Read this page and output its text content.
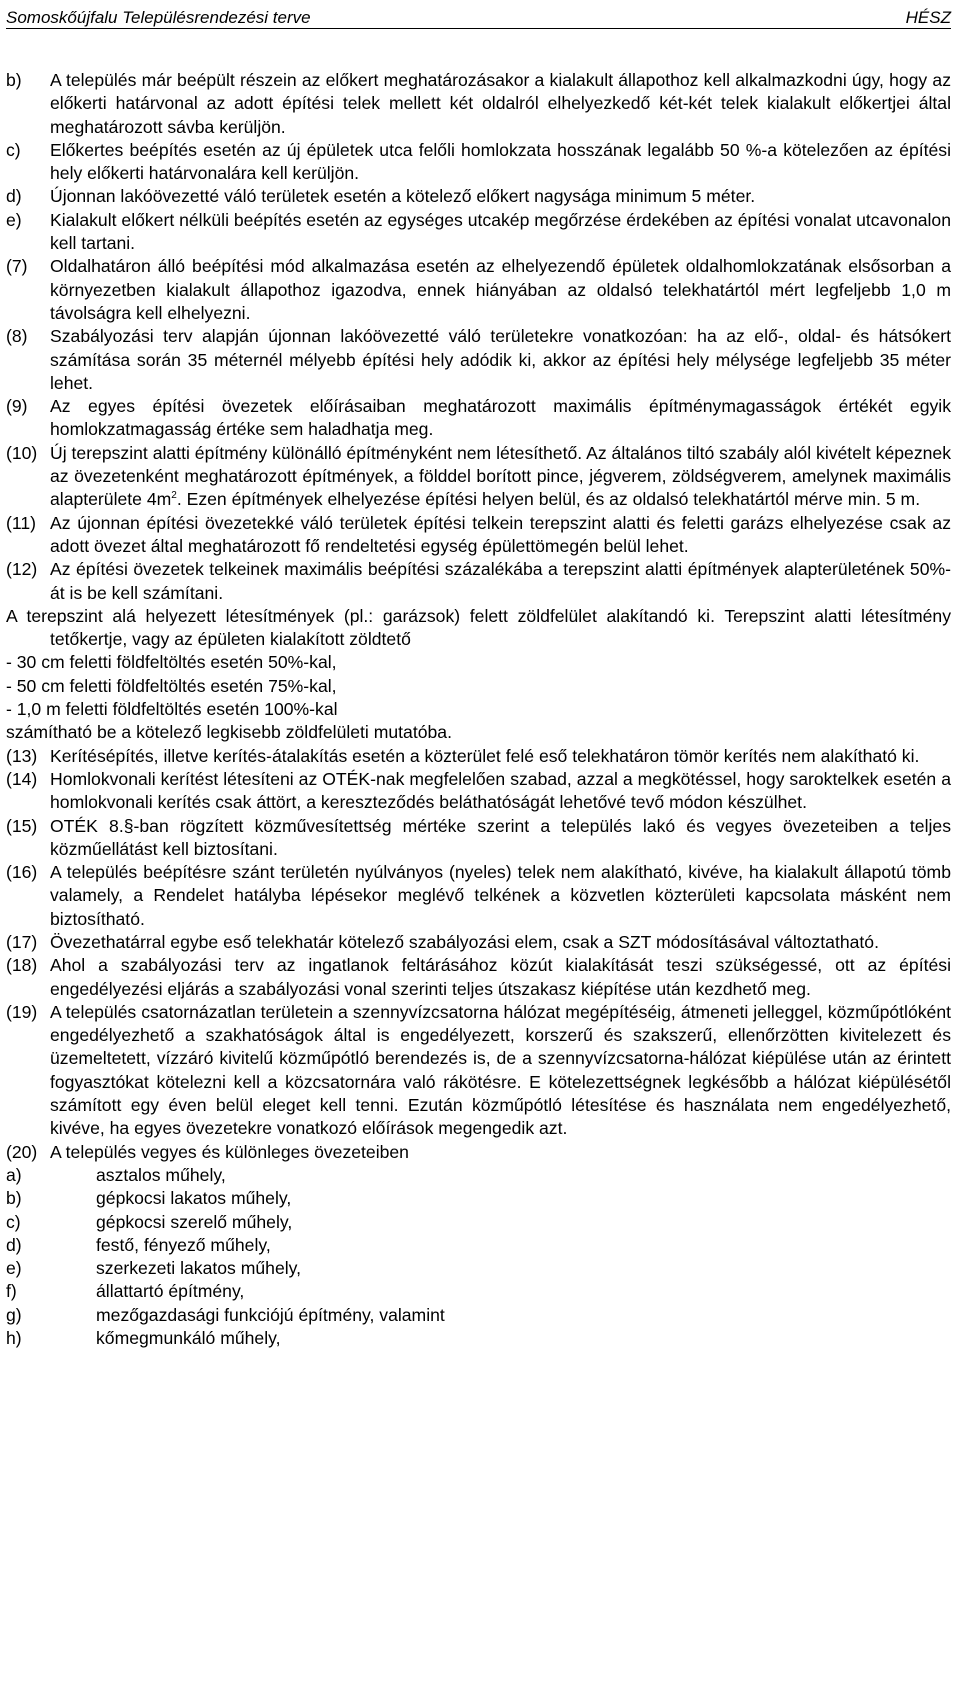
Somoskőújfalu Településrendezési terve	HÉSZ
b)	A település már beépült részein az előkert meghatározásakor a kialakult állapothoz kell alkalmazkodni úgy, hogy az előkerti határvonal az adott építési telek mellett két oldalról elhelyezkedő két-két telek kialakult előkertjei által meghatározott sávba kerüljön.
c)	Előkertes beépítés esetén az új épületek utca felőli homlokzata hosszának legalább 50 %-a kötelezően az építési hely előkerti határvonalára kell kerüljön.
d)	Újonnan lakóövezetté váló területek esetén a kötelező előkert nagysága minimum 5 méter.
e)	Kialakult előkert nélküli beépítés esetén az egységes utcakép megőrzése érdekében az építési vonalat utcavonalon kell tartani.
(7)	Oldalhatáron álló beépítési mód alkalmazása esetén az elhelyezendő épületek oldalhomlokzatának elsősorban a környezetben kialakult állapothoz igazodva, ennek hiányában az oldalsó telekhatártól mért legfeljebb 1,0 m távolságra kell elhelyezni.
(8)	Szabályozási terv alapján újonnan lakóövezetté váló területekre vonatkozóan: ha az elő-, oldal- és hátsókert számítása során 35 méternél mélyebb építési hely adódik ki, akkor az építési hely mélysége legfeljebb 35 méter lehet.
(9)	Az egyes építési övezetek előírásaiban meghatározott maximális építménymagasságok értékét egyik homlokzatmagasság értéke sem haladhatja meg.
(10) Új terepszint alatti építmény különálló építményként nem létesíthető. Az általános tiltó szabály alól kivételt képeznek az övezetenként meghatározott építmények, a földdel borított pince, jégverem, zöldségverem, amelynek maximális alapterülete $4m^2$. Ezen építmények elhelyezése építési helyen belül, és az oldalsó telekhatártól mérve min. 5 m.
(11) Az újonnan építési övezetekké váló területek építési telkein terepszint alatti és feletti garázs elhelyezése csak az adott övezet által meghatározott fő rendeltetési egység épülettömegén belül lehet.
(12) Az építési övezetek telkeinek maximális beépítési százalékába a terepszint alatti építmények alapterületének 50%-át is be kell számítani.

A terepszint alá helyezett létesítmények (pl.: garázsok) felett zöldfelület alakítandó ki. Terepszint alatti létesítmény tetőkertje, vagy az épületen kialakított zöldtető

- 30 cm feletti földfeltöltés esetén 50%-kal,

- 50 cm feletti földfeltöltés esetén 75%-kal,

- 1,0 m feletti földfeltöltés esetén 100%-kal

számítható be a kötelező legkisebb zöldfelületi mutatóba.

(13) Kerítésépítés, illetve kerítés-átalakítás esetén a közterület felé eső telekhatáron tömör kerítés nem alakítható ki.
(14) Homlokvonali kerítést létesíteni az OTÉK-nak megfelelően szabad, azzal a megkötéssel, hogy saroktelkek esetén a homlokvonali kerítés csak áttört, a kereszteződés beláthatóságát lehetővé tevő módon készülhet.
(15) OTÉK 8.§-ban rögzített közművesítettség mértéke szerint a település lakó és vegyes övezeteiben a teljes közműellátást kell biztosítani.
(16) A település beépítésre szánt területén nyúlványos (nyeles) telek nem alakítható, kivéve, ha kialakult állapotú tömb valamely, a Rendelet hatályba lépésekor meglévő telkének a közvetlen közterületi kapcsolata másként nem biztosítható.
(17) Övezethatárral egybe eső telekhatár kötelező szabályozási elem, csak a SZT módosításával változtatható.
(18) Ahol a szabályozási terv az ingatlanok feltárásához közút kialakítását teszi szükségessé, ott az építési engedélyezési eljárás a szabályozási vonal szerinti teljes útszakasz kiépítése után kezdhető meg.
(19) A település csatornázatlan területein a szennyvízcsatorna hálózat megépítéséig, átmeneti jelleggel, közműpótlóként engedélyezhető a szakhatóságok által is engedélyezett, korszerű és szakszerű, ellenőrzötten kivitelezett és üzemeltetett, vízzáró kivitelű közműpótló berendezés is, de a szennyvízcsatorna-hálózat kiépülése után az érintett fogyasztókat kötelezni kell a közcsatornára való rákötésre. E kötelezettségnek legkésőbb a hálózat kiépülésétől számított egy éven belül eleget kell tenni. Ezután közműpótló létesítése és használata nem engedélyezhető, kivéve, ha egyes övezetekre vonatkozó előírások megengedik azt.
(20) A település vegyes és különleges övezeteiben
a)	asztalos műhely,
b)	gépkocsi lakatos műhely,
c)	gépkocsi szerelő műhely,
d)	festő, fényező műhely,
e)	szerkezeti lakatos műhely,
f)	állattartó építmény,
g)	mezőgazdasági funkciójú építmény, valamint
h)	kőmegmunkáló műhely,
